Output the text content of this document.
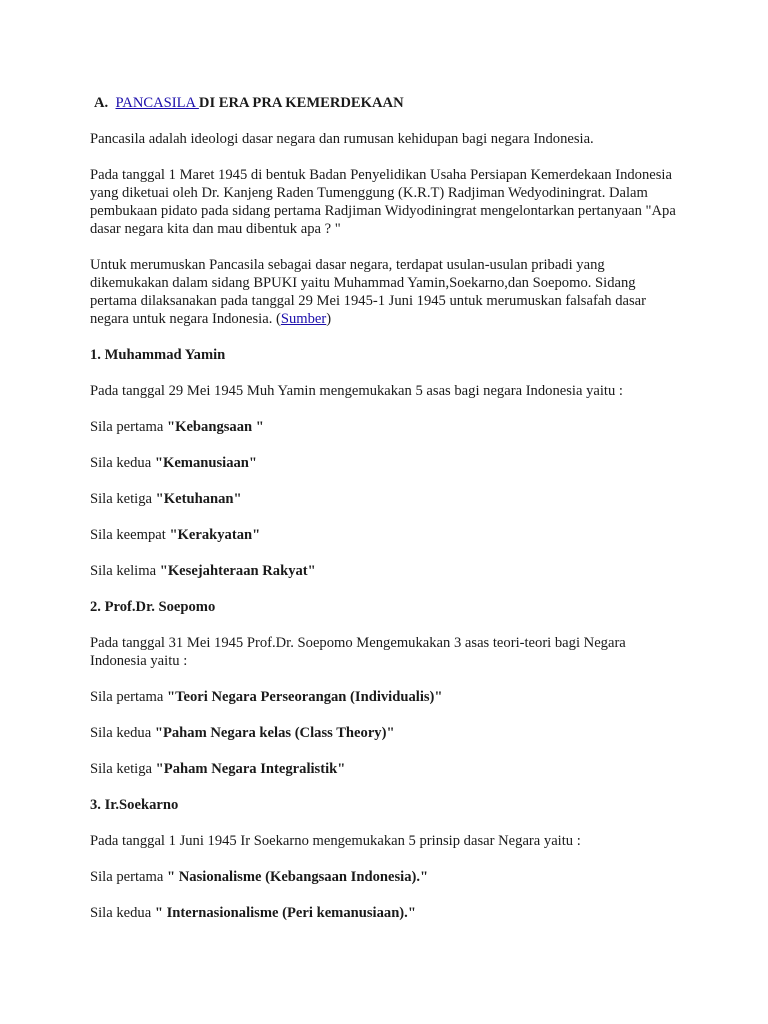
A. PANCASILA DI ERA PRA KEMERDEKAAN

Pancasila adalah ideologi dasar negara dan rumusan kehidupan bagi negara Indonesia.

Pada tanggal 1 Maret 1945 di bentuk Badan Penyelidikan Usaha Persiapan Kemerdekaan Indonesia yang diketuai oleh Dr. Kanjeng Raden Tumenggung (K.R.T) Radjiman Wedyodiningrat. Dalam pembukaan pidato pada sidang pertama Radjiman Widyodiningrat mengelontarkan pertanyaan "Apa dasar negara kita dan mau dibentuk apa ? "

Untuk merumuskan Pancasila sebagai dasar negara, terdapat usulan-usulan pribadi yang dikemukakan dalam sidang BPUKI yaitu Muhammad Yamin,Soekarno,dan Soepomo. Sidang pertama dilaksanakan pada tanggal 29 Mei 1945-1 Juni 1945 untuk merumuskan falsafah dasar negara untuk negara Indonesia. (Sumber)

1. Muhammad Yamin

Pada tanggal 29 Mei 1945 Muh Yamin mengemukakan 5 asas bagi negara Indonesia yaitu :

Sila pertama "Kebangsaan "

Sila kedua "Kemanusiaan"

Sila ketiga "Ketuhanan"

Sila keempat "Kerakyatan"

Sila kelima "Kesejahteraan Rakyat"

2. Prof.Dr. Soepomo

Pada tanggal 31 Mei 1945 Prof.Dr. Soepomo Mengemukakan 3 asas teori-teori bagi Negara Indonesia yaitu :

Sila pertama "Teori Negara Perseorangan (Individualis)"

Sila kedua "Paham Negara kelas (Class Theory)"

Sila ketiga "Paham Negara Integralistik"

3. Ir.Soekarno

Pada tanggal 1 Juni 1945 Ir Soekarno mengemukakan 5 prinsip dasar Negara yaitu :

Sila pertama " Nasionalisme (Kebangsaan Indonesia)."

Sila kedua " Internasionalisme (Peri kemanusiaan)."
